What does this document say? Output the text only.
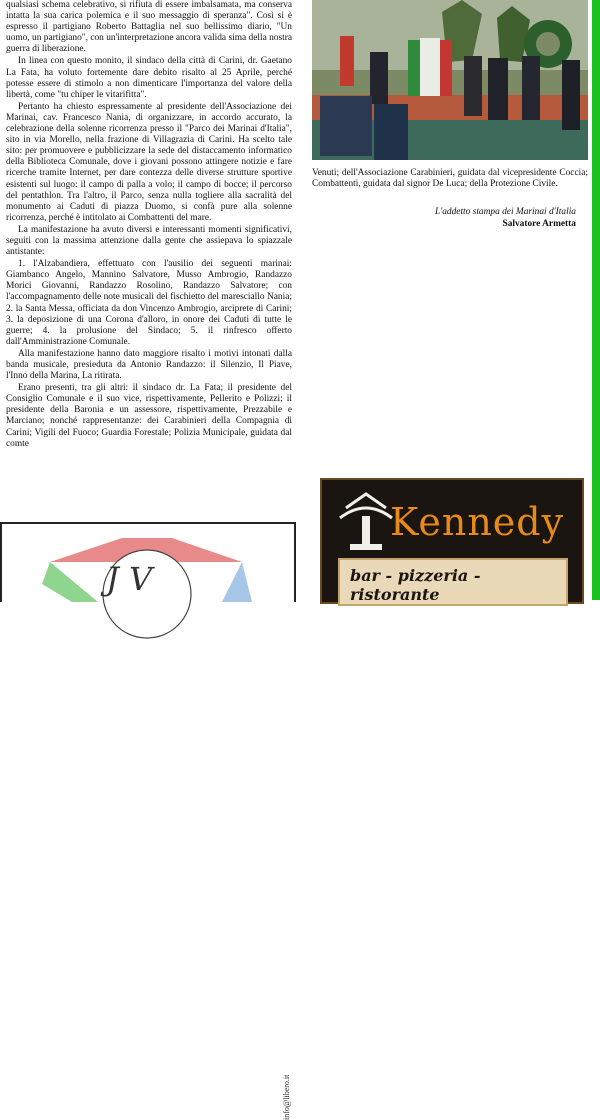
qualsiasi schema celebrativo, si rifiuta di essere imbalsamata, ma conserva intatta la sua carica polemica e il suo messaggio di speranza". Così si è espresso il partigiano Roberto Battaglia nel suo bellissimo diario, "Un uomo, un partigiano", con un'interpretazione ancora valida sima della nostra guerra di liberazione.

In linea con questo monito, il sindaco della città di Carini, dr. Gaetano La Fata, ha voluto fortemente dare debito risalto al 25 Aprile, perché potesse essere di stimolo a non dimenticare l'importanza del valore della libertà, come "tu chiper le vitarifitta".

Pertanto ha chiesto espressamente al presidente dell'Associazione dei Marinai, cav. Francesco Nania, di organizzare, in accordo accurato, la celebrazione della solenne ricorrenza presso il "Parco dei Marinai d'Italia", sito in via Morello, nella frazione di Villagrazia di Carini. Ha scelto tale sito: per promuovere e pubblicizzare la sede del distaccamento informatico della Biblioteca Comunale, dove i giovani possono attingere notizie e fare ricerche tramite Internet, per dare contezza delle diverse strutture sportive esistenti sul luogo: il campo di palla a volo; il campo di bocce; il percorso del pentathlon. Tra l'altro, il Parco, senza nulla togliere alla sacralità del monumento ai Caduti di piazza Duomo, si confà pure alla solenne ricorrenza, perché è intitolato ai Combattenti del mare.

La manifestazione ha avuto diversi e interessanti momenti significativi, seguiti con la massima attenzione dalla gente che assiepava lo spiazzale antistante:

1. l'Alzabandiera, effettuato con l'ausilio dei seguenti marinai: Giambanco Angelo, Mannino Salvatore, Musso Ambrogio, Randazzo Morici Giovanni, Randazzo Rosolino, Randazzo Salvatore; con l'accompagnamento delle note musicali del fischietto del maresciallo Nania; 2. la Santa Messa, officiata da don Vincenzo Ambrogio, arciprete di Carini; 3. la deposizione di una Corona d'alloro, in onore dei Caduti di tutte le guerre; 4. la prolusione del Sindaco; 5. il rinfresco offerto dall'Amministrazione Comunale.

Alla manifestazione hanno dato maggiore risalto i motivi intonati dalla banda musicale, presieduta da Antonio Randazzo: il Silenzio, Il Piave, l'Inno della Marina, La ritirata.

Erano presenti, tra gli altri: il sindaco dr. La Fata; il presidente del Consiglio Comunale e il suo vice, rispettivamente, Pellerito e Polizzi; il presidente della Baronia e un assessore, rispettivamente, Prezzabile e Marciano; nonché rappresentanze: dei Carabinieri della Compagnia di Carini; Vigili del Fuoco; Guardia Forestale; Polizia Municipale, guidata dal comte

Venuti; dell'Associazione Carabinieri, guidata dal vicepresidente Coccia; Combattenti, guidata dal signor De Luca; della Protezione Civile.
L'addetto stampa dei Marinai d'Italia
Salvatore Armetta
J V
info@libero.it
Kennedy
bar - pizzeria - ristorante
